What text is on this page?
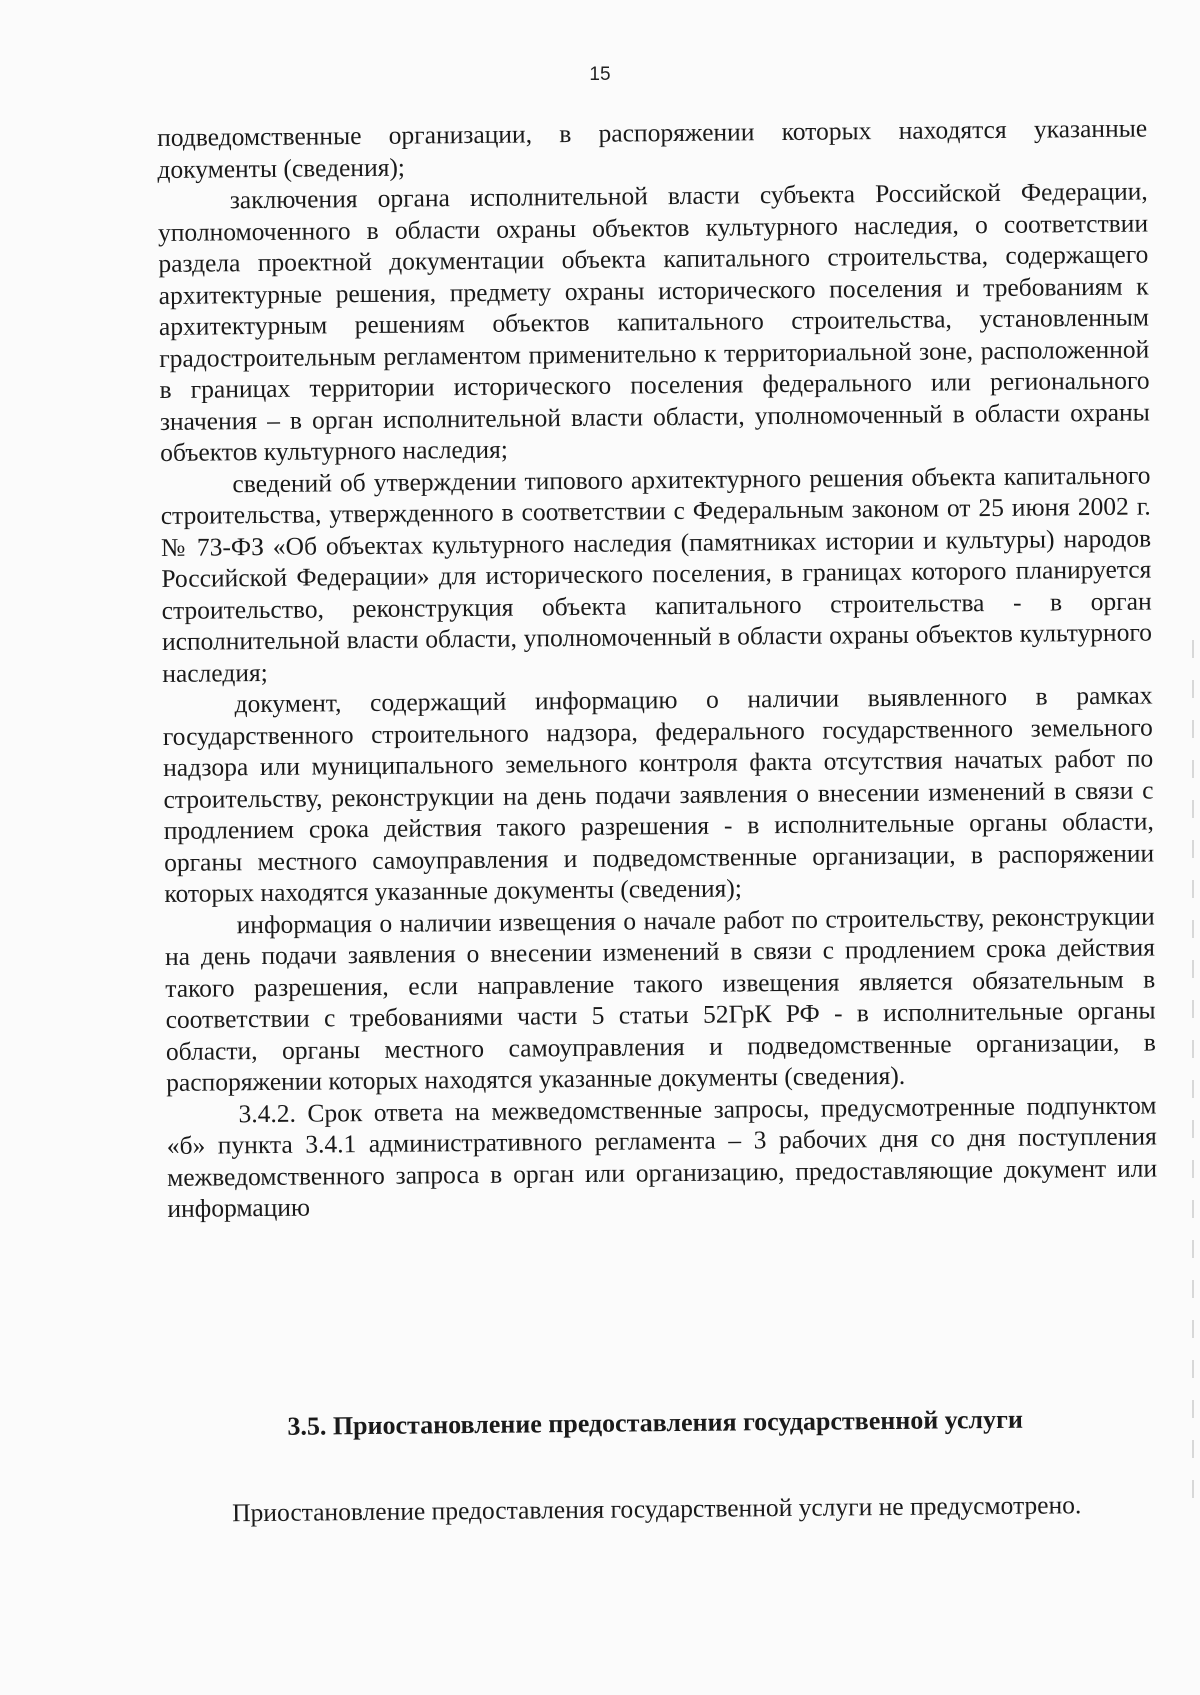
15

подведомственные организации, в распоряжении которых находятся указанные документы (сведения);

заключения органа исполнительной власти субъекта Российской Федерации, уполномоченного в области охраны объектов культурного наследия, о соответствии раздела проектной документации объекта капитального строительства, содержащего архитектурные решения, предмету охраны исторического поселения и требованиям к архитектурным решениям объектов капитального строительства, установленным градостроительным регламентом применительно к территориальной зоне, расположенной в границах территории исторического поселения федерального или регионального значения – в орган исполнительной власти области, уполномоченный в области охраны объектов культурного наследия;

сведений об утверждении типового архитектурного решения объекта капитального строительства, утвержденного в соответствии с Федеральным законом от 25 июня 2002 г. № 73-ФЗ «Об объектах культурного наследия (памятниках истории и культуры) народов Российской Федерации» для исторического поселения, в границах которого планируется строительство, реконструкция объекта капитального строительства - в орган исполнительной власти области, уполномоченный в области охраны объектов культурного наследия;

документ, содержащий информацию о наличии выявленного в рамках государственного строительного надзора, федерального государственного земельного надзора или муниципального земельного контроля факта отсутствия начатых работ по строительству, реконструкции на день подачи заявления о внесении изменений в связи с продлением срока действия такого разрешения - в исполнительные органы области, органы местного самоуправления и подведомственные организации, в распоряжении которых находятся указанные документы (сведения);

информация о наличии извещения о начале работ по строительству, реконструкции на день подачи заявления о внесении изменений в связи с продлением срока действия такого разрешения, если направление такого извещения является обязательным в соответствии с требованиями части 5 статьи 52ГрК РФ - в исполнительные органы области, органы местного самоуправления и подведомственные организации, в распоряжении которых находятся указанные документы (сведения).

3.4.2. Срок ответа на межведомственные запросы, предусмотренные подпунктом «б» пункта 3.4.1 административного регламента – 3 рабочих дня со дня поступления межведомственного запроса в орган или организацию, предоставляющие документ или информацию

3.5. Приостановление предоставления государственной услуги
Приостановление предоставления государственной услуги не предусмотрено.
